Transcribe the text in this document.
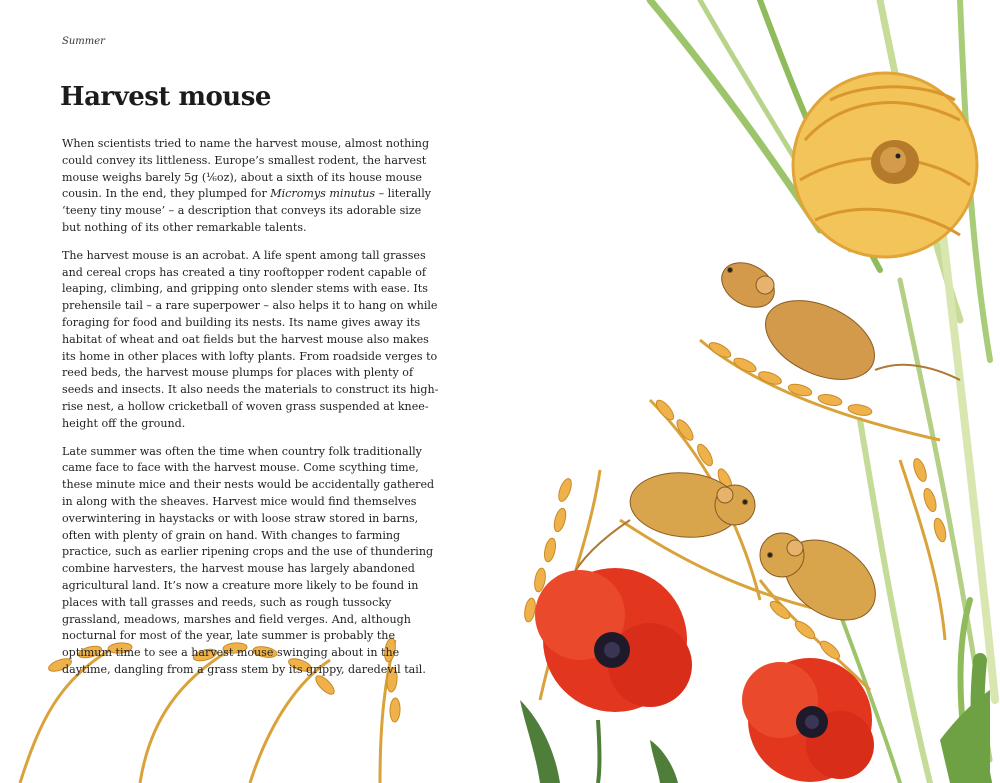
Summer
Harvest mouse

When scientists tried to name the harvest mouse, almost nothing could convey its littleness. Europe’s smallest rodent, the harvest mouse weighs barely 5g (⅙oz), about a sixth of its house mouse cousin. In the end, they plumped for Micromys minutus – literally ‘teeny tiny mouse’ – a description that conveys its adorable size but nothing of its other remarkable talents.

The harvest mouse is an acrobat. A life spent among tall grasses and cereal crops has created a tiny rooftopper rodent capable of leaping, climbing, and gripping onto slender stems with ease. Its prehensile tail – a rare superpower – also helps it to hang on while foraging for food and building its nests. Its name gives away its habitat of wheat and oat fields but the harvest mouse also makes its home in other places with lofty plants. From roadside verges to reed beds, the harvest mouse plumps for places with plenty of seeds and insects. It also needs the materials to construct its high-rise nest, a hollow cricketball of woven grass suspended at knee-height off the ground.

Late summer was often the time when country folk traditionally came face to face with the harvest mouse. Come scything time, these minute mice and their nests would be accidentally gathered in along with the sheaves. Harvest mice would find themselves overwintering in haystacks or with loose straw stored in barns, often with plenty of grain on hand. With changes to farming practice, such as earlier ripening crops and the use of thundering combine harvesters, the harvest mouse has largely abandoned agricultural land. It’s now a creature more likely to be found in places with tall grasses and reeds, such as rough tussocky grassland, meadows, marshes and field verges. And, although nocturnal for most of the year, late summer is probably the optimum time to see a harvest mouse swinging about in the daytime, dangling from a grass stem by its grippy, daredevil tail.
